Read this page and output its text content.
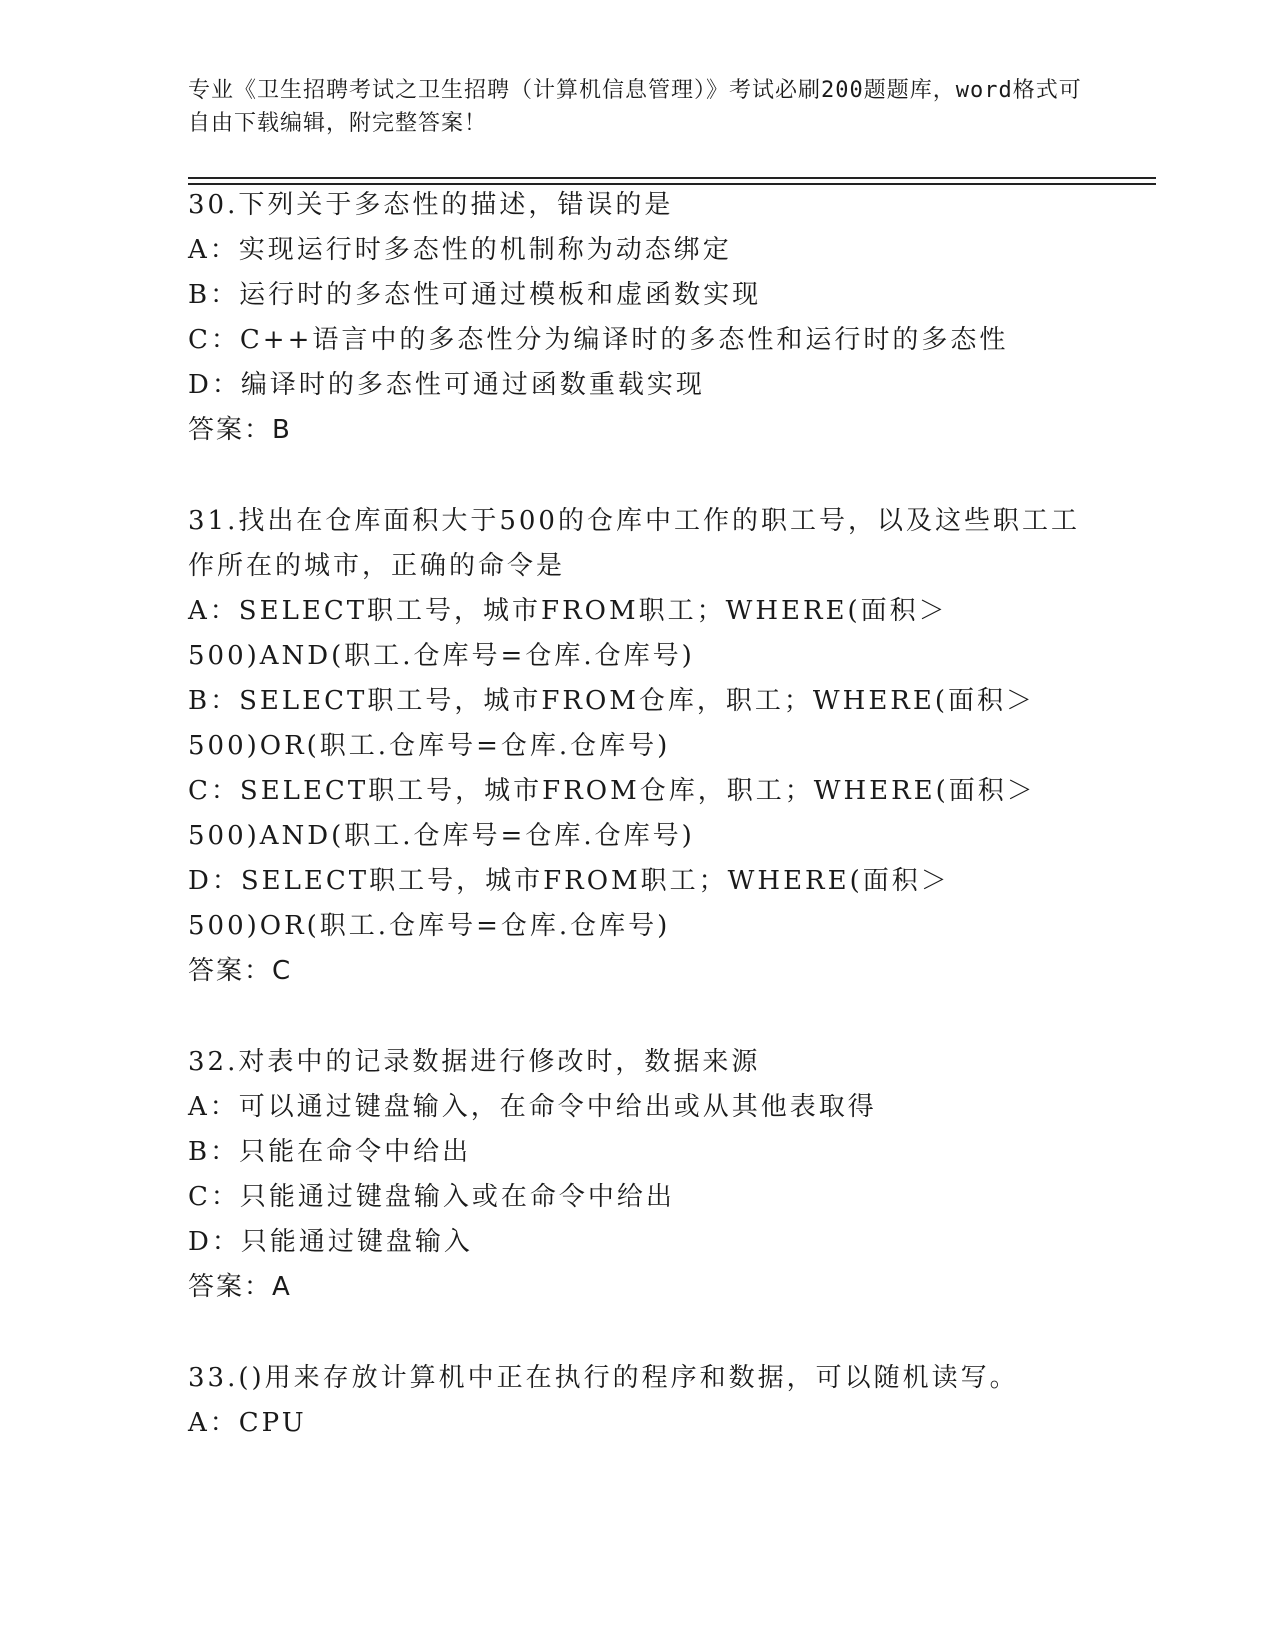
专业《卫生招聘考试之卫生招聘（计算机信息管理）》考试必刷200题题库，word格式可自由下载编辑，附完整答案！
30.下列关于多态性的描述，错误的是
A：实现运行时多态性的机制称为动态绑定
B：运行时的多态性可通过模板和虚函数实现
C：C++语言中的多态性分为编译时的多态性和运行时的多态性
D：编译时的多态性可通过函数重载实现
答案：B
31.找出在仓库面积大于500的仓库中工作的职工号，以及这些职工工作所在的城市，正确的命令是
A：SELECT职工号，城市FROM职工；WHERE(面积＞500)AND(职工.仓库号=仓库.仓库号)
B：SELECT职工号，城市FROM仓库，职工；WHERE(面积＞500)OR(职工.仓库号=仓库.仓库号)
C：SELECT职工号，城市FROM仓库，职工；WHERE(面积＞500)AND(职工.仓库号=仓库.仓库号)
D：SELECT职工号，城市FROM职工；WHERE(面积＞500)OR(职工.仓库号=仓库.仓库号)
答案：C
32.对表中的记录数据进行修改时，数据来源
A：可以通过键盘输入，在命令中给出或从其他表取得
B：只能在命令中给出
C：只能通过键盘输入或在命令中给出
D：只能通过键盘输入
答案：A
33.()用来存放计算机中正在执行的程序和数据，可以随机读写。
A：CPU
